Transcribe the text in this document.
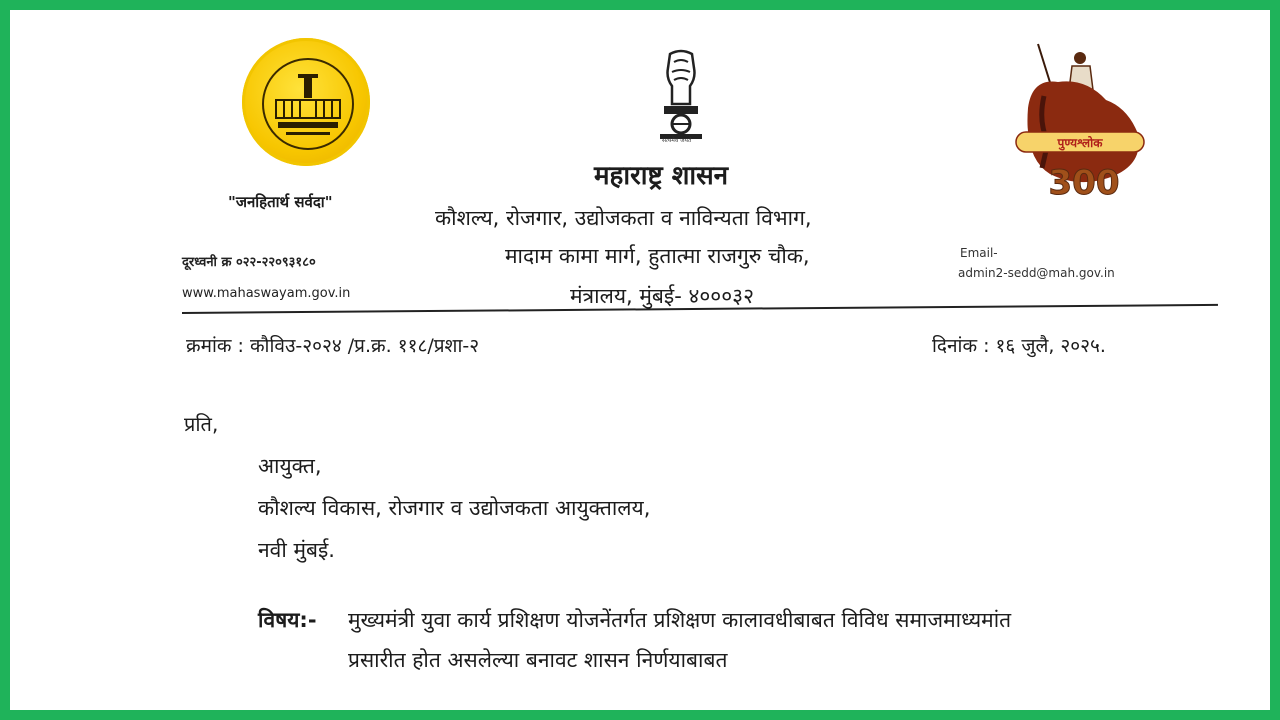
"जनहितार्थ सर्वदा"
सत्यमेव जयते	पुण्यश्लोक
300
महाराष्ट्र शासन
कौशल्य, रोजगार, उद्योजकता व नाविन्यता विभाग,
मादाम कामा मार्ग, हुतात्मा राजगुरु चौक,
मंत्रालय, मुंबई- ४०००३२
दूरध्वनी क्र ०२२-२२०९३१८०
www.mahaswayam.gov.in
Email-
admin2-sedd@mah.gov.in
क्रमांक : कौविउ-२०२४ /प्र.क्र. ११८/प्रशा-२	दिनांक : १६ जुलै, २०२५.
प्रति,
आयुक्त,
कौशल्य विकास, रोजगार व उद्योजकता आयुक्तालय,
नवी मुंबई.
विषय:- मुख्यमंत्री युवा कार्य प्रशिक्षण योजनेंतर्गत प्रशिक्षण कालावधीबाबत विविध समाजमाध्यमांत
प्रसारीत होत असलेल्या बनावट शासन निर्णयाबाबत
